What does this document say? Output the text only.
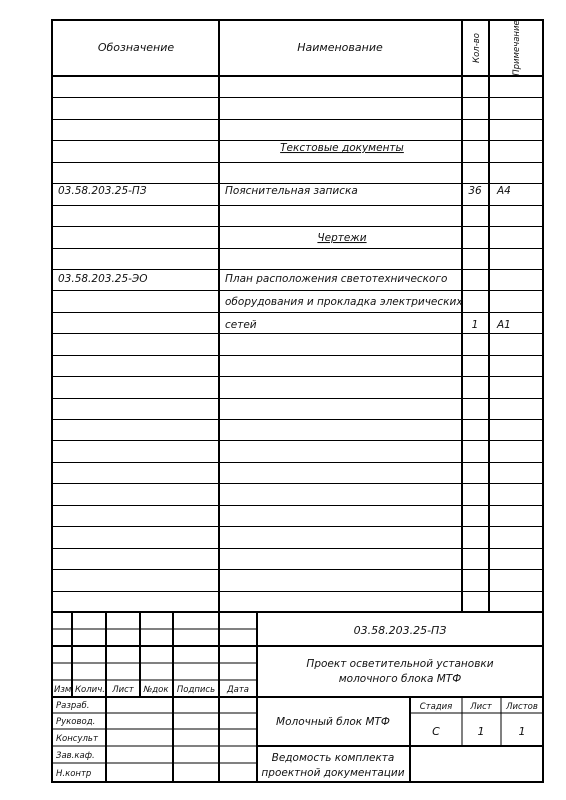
Обозначение	Наименование	Кол-во	Примечание
Текстовые документы
03.58.203.25-ПЗ	Пояснительная записка	36 А4
Чертежи
03.58.203.25-ЭО	План расположения светотехнического
оборудования и прокладка электрических
сетей	1 А1
03.58.203.25-ПЗ
Проект осветительной установки
молочного блока МТФ
Изм. Колич. Лист №док Подпись Дата
Разраб.
Руковод.
Консульт
Зав.каф.
Н.контр
Молочный блок МТФ
Стадия Лист Листов
С	1	1
Ведомость комплекта
проектной документации
